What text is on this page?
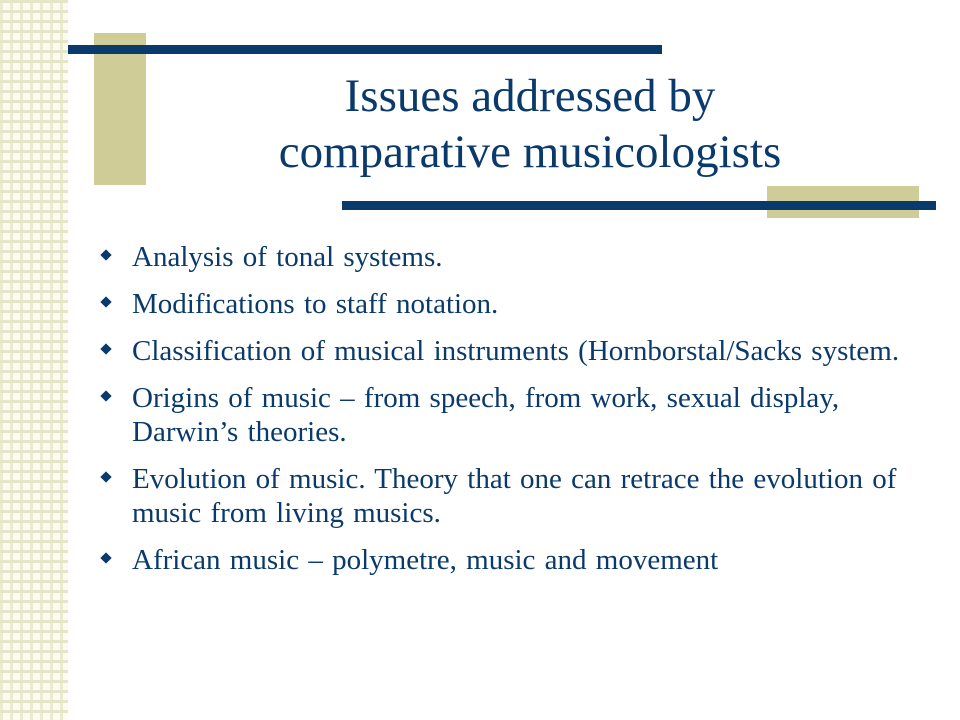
Issues addressed by
comparative musicologists
Analysis of tonal systems.
Modifications to staff notation.
Classification of musical instruments (Hornborstal/Sacks system.
Origins of music – from speech, from work, sexual display, Darwin’s theories.
Evolution of music. Theory that one can retrace the evolution of music from living musics.
African music – polymetre, music and movement
